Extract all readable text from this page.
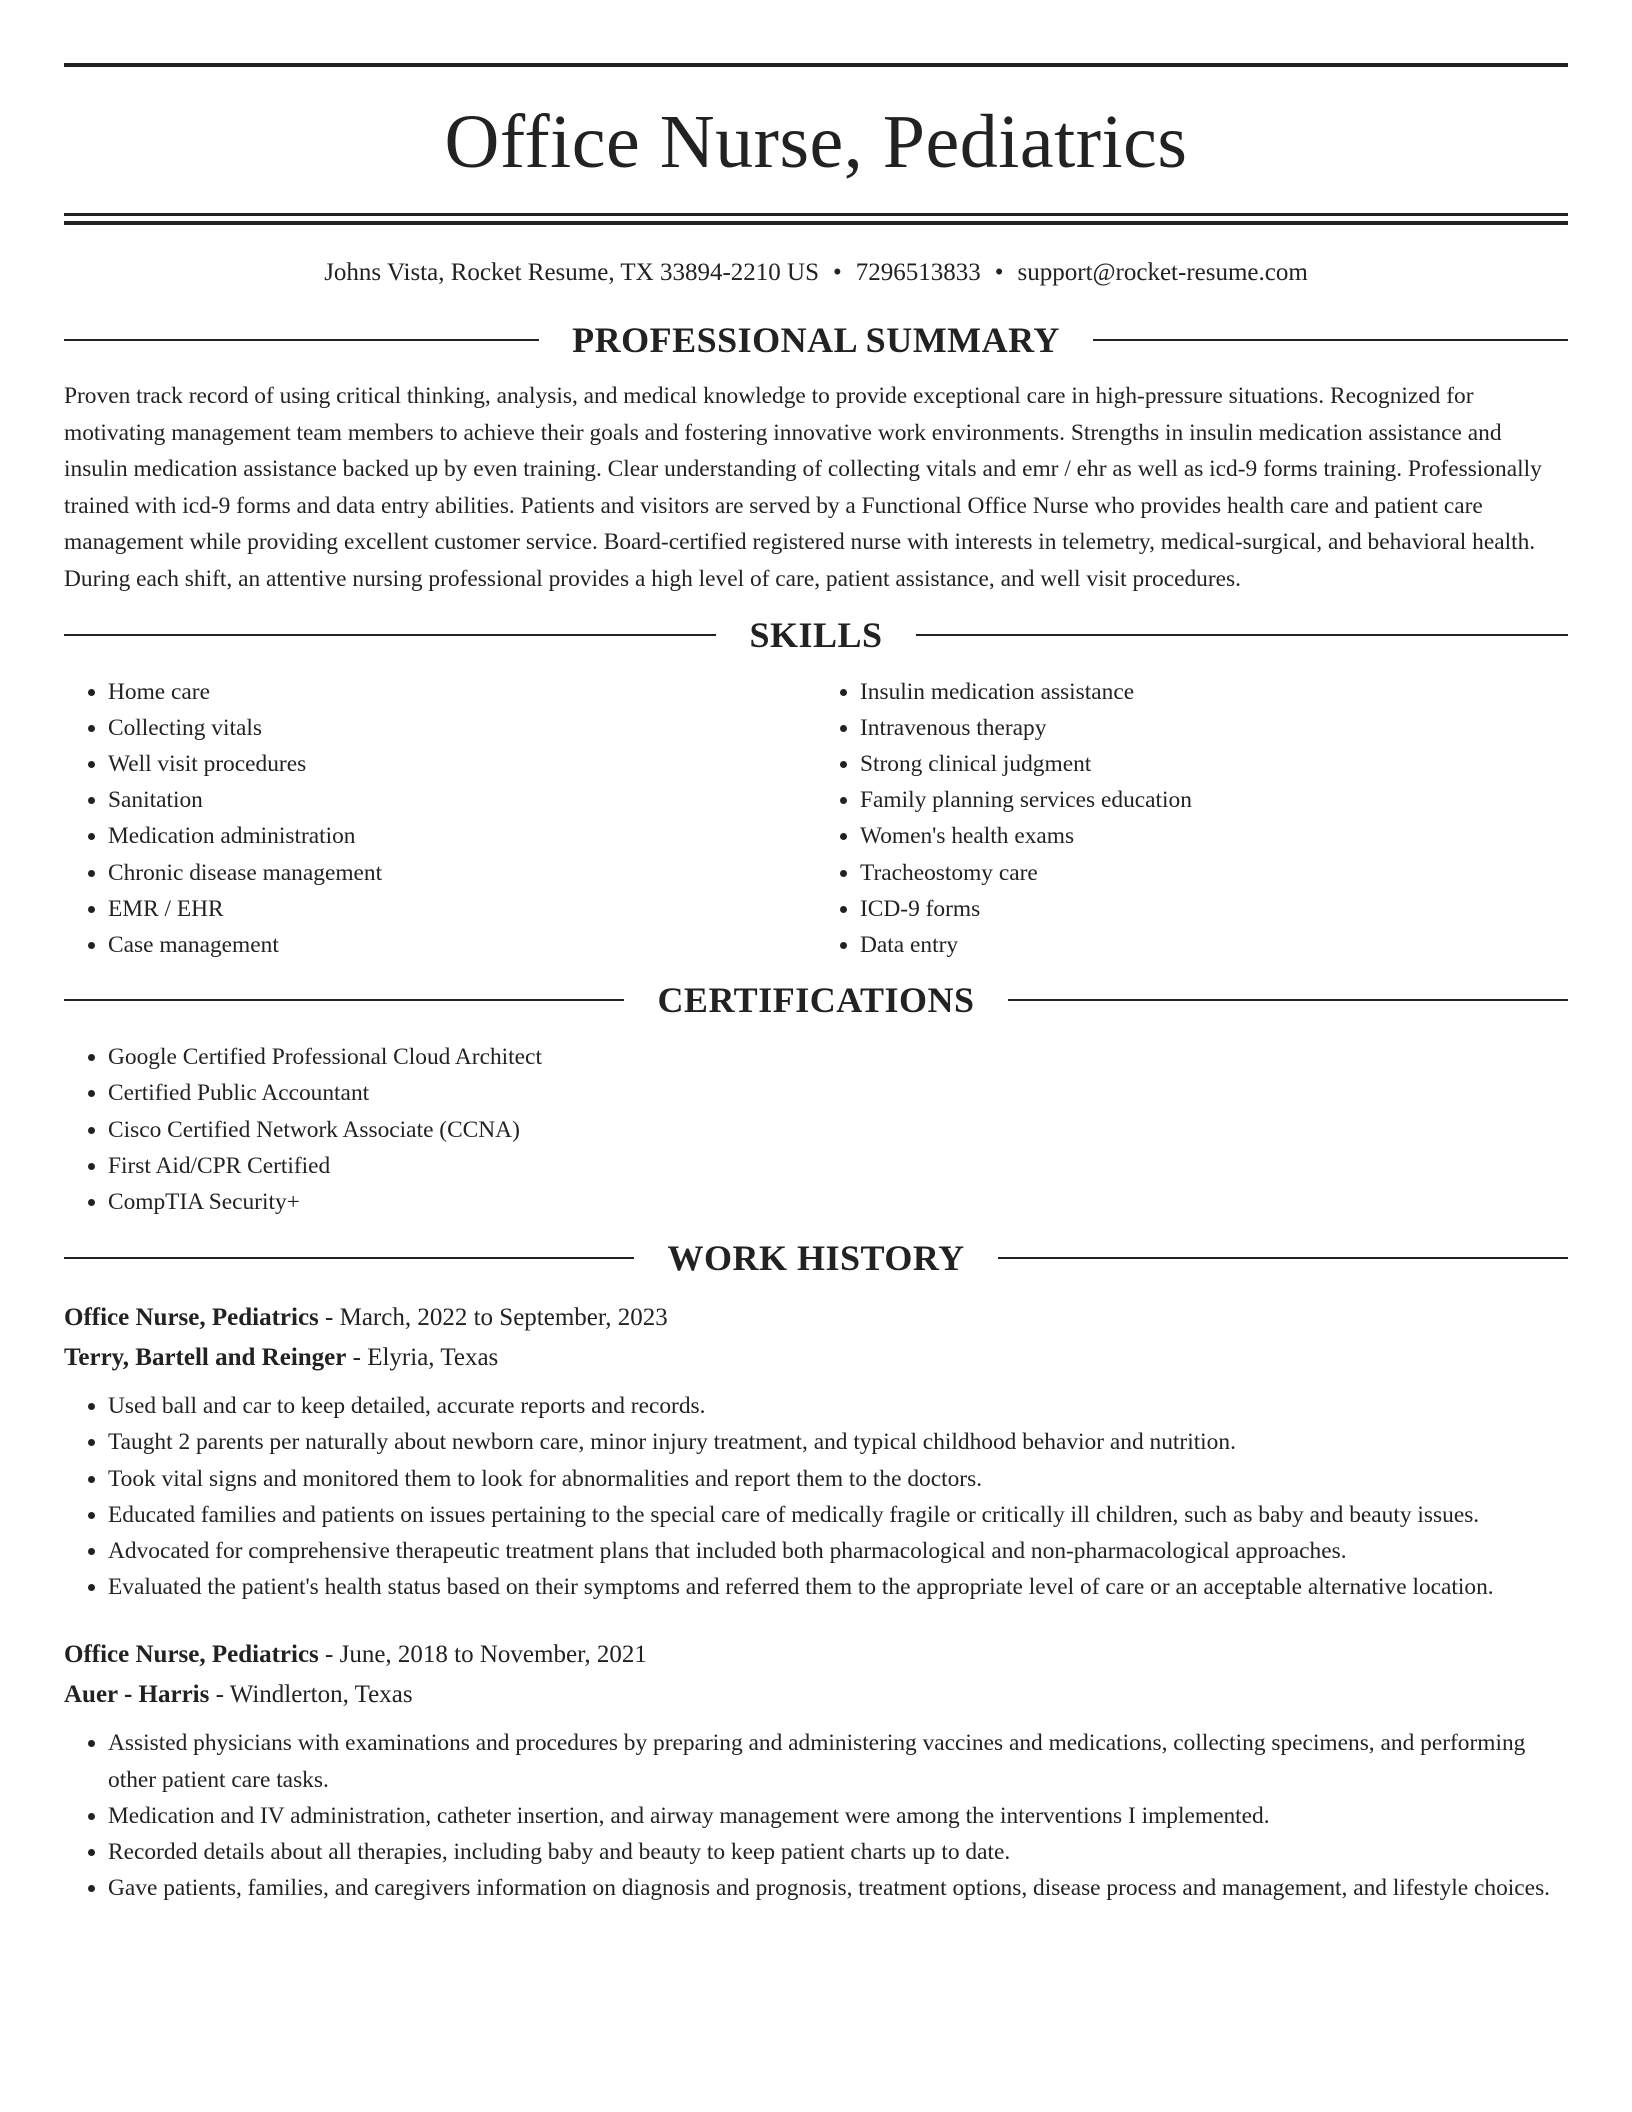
Office Nurse, Pediatrics
Johns Vista, Rocket Resume, TX 33894-2210 US • 7296513833 • support@rocket-resume.com
PROFESSIONAL SUMMARY

Proven track record of using critical thinking, analysis, and medical knowledge to provide exceptional care in high-pressure situations. Recognized for motivating management team members to achieve their goals and fostering innovative work environments. Strengths in insulin medication assistance and insulin medication assistance backed up by even training. Clear understanding of collecting vitals and emr / ehr as well as icd-9 forms training. Professionally trained with icd-9 forms and data entry abilities. Patients and visitors are served by a Functional Office Nurse who provides health care and patient care management while providing excellent customer service. Board-certified registered nurse with interests in telemetry, medical-surgical, and behavioral health. During each shift, an attentive nursing professional provides a high level of care, patient assistance, and well visit procedures.

SKILLS
• Home care
• Collecting vitals
• Well visit procedures
• Sanitation
• Medication administration
• Chronic disease management
• EMR / EHR
• Case management
• Insulin medication assistance
• Intravenous therapy
• Strong clinical judgment
• Family planning services education
• Women's health exams
• Tracheostomy care
• ICD-9 forms
• Data entry
CERTIFICATIONS
• Google Certified Professional Cloud Architect
• Certified Public Accountant
• Cisco Certified Network Associate (CCNA)
• First Aid/CPR Certified
• CompTIA Security+
WORK HISTORY
Office Nurse, Pediatrics - March, 2022 to September, 2023
Terry, Bartell and Reinger - Elyria, Texas
• Used ball and car to keep detailed, accurate reports and records.
• Taught 2 parents per naturally about newborn care, minor injury treatment, and typical childhood behavior and nutrition.
• Took vital signs and monitored them to look for abnormalities and report them to the doctors.
• Educated families and patients on issues pertaining to the special care of medically fragile or critically ill children, such as baby and beauty issues.
• Advocated for comprehensive therapeutic treatment plans that included both pharmacological and non-pharmacological approaches.
• Evaluated the patient's health status based on their symptoms and referred them to the appropriate level of care or an acceptable alternative location.
Office Nurse, Pediatrics - June, 2018 to November, 2021
Auer - Harris - Windlerton, Texas
• Assisted physicians with examinations and procedures by preparing and administering vaccines and medications, collecting specimens, and performing other patient care tasks.
• Medication and IV administration, catheter insertion, and airway management were among the interventions I implemented.
• Recorded details about all therapies, including baby and beauty to keep patient charts up to date.
• Gave patients, families, and caregivers information on diagnosis and prognosis, treatment options, disease process and management, and lifestyle choices.
